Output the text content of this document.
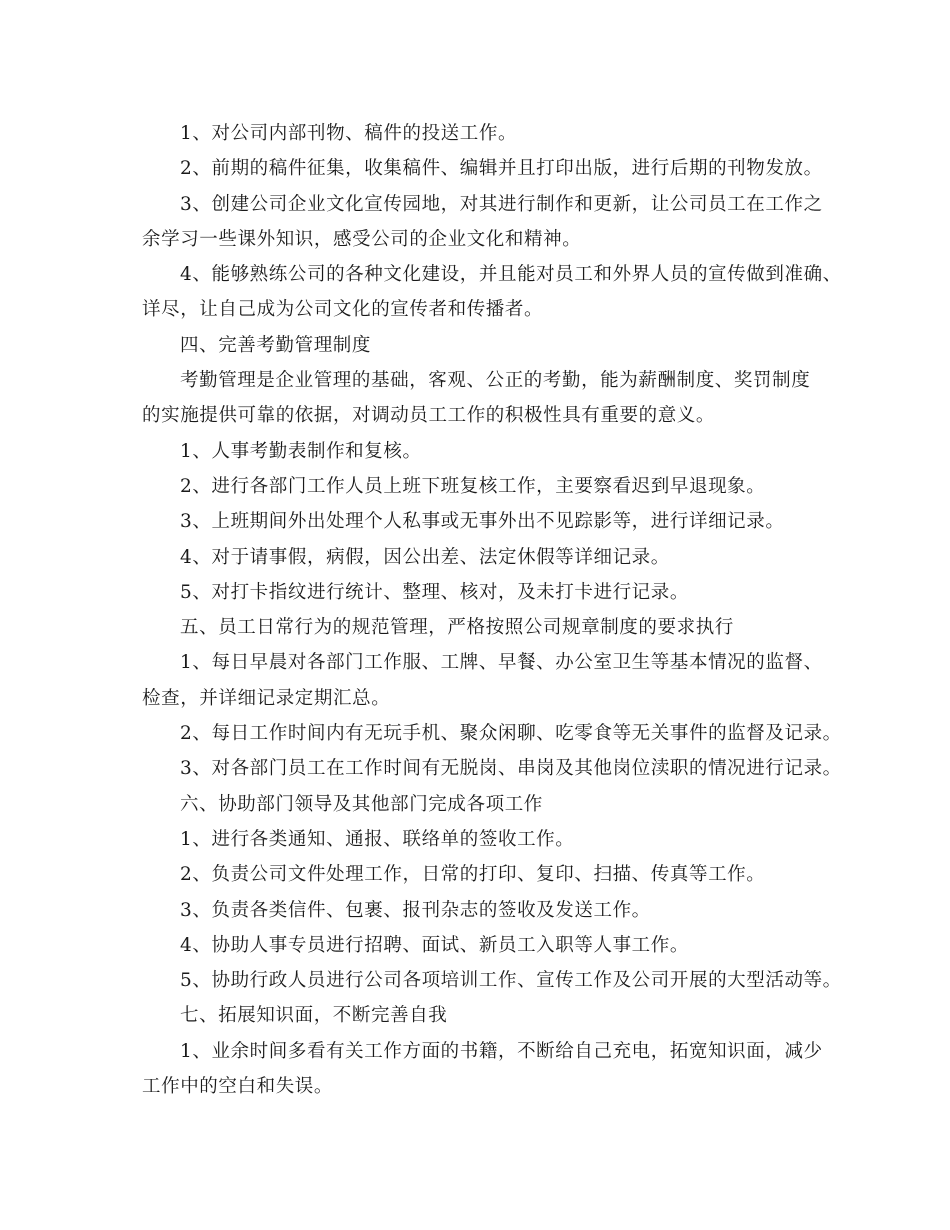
1、对公司内部刊物、稿件的投送工作。
2、前期的稿件征集，收集稿件、编辑并且打印出版，进行后期的刊物发放。
3、创建公司企业文化宣传园地，对其进行制作和更新，让公司员工在工作之
余学习一些课外知识，感受公司的企业文化和精神。
4、能够熟练公司的各种文化建设，并且能对员工和外界人员的宣传做到准确、
详尽，让自己成为公司文化的宣传者和传播者。
四、完善考勤管理制度
考勤管理是企业管理的基础，客观、公正的考勤，能为薪酬制度、奖罚制度
的实施提供可靠的依据，对调动员工工作的积极性具有重要的意义。
1、人事考勤表制作和复核。
2、进行各部门工作人员上班下班复核工作，主要察看迟到早退现象。
3、上班期间外出处理个人私事或无事外出不见踪影等，进行详细记录。
4、对于请事假，病假，因公出差、法定休假等详细记录。
5、对打卡指纹进行统计、整理、核对，及未打卡进行记录。
五、员工日常行为的规范管理，严格按照公司规章制度的要求执行
1、每日早晨对各部门工作服、工牌、早餐、办公室卫生等基本情况的监督、
检查，并详细记录定期汇总。
2、每日工作时间内有无玩手机、聚众闲聊、吃零食等无关事件的监督及记录。
3、对各部门员工在工作时间有无脱岗、串岗及其他岗位渎职的情况进行记录。
六、协助部门领导及其他部门完成各项工作
1、进行各类通知、通报、联络单的签收工作。
2、负责公司文件处理工作，日常的打印、复印、扫描、传真等工作。
3、负责各类信件、包裹、报刊杂志的签收及发送工作。
4、协助人事专员进行招聘、面试、新员工入职等人事工作。
5、协助行政人员进行公司各项培训工作、宣传工作及公司开展的大型活动等。
七、拓展知识面，不断完善自我
1、业余时间多看有关工作方面的书籍，不断给自己充电，拓宽知识面，减少
工作中的空白和失误。
